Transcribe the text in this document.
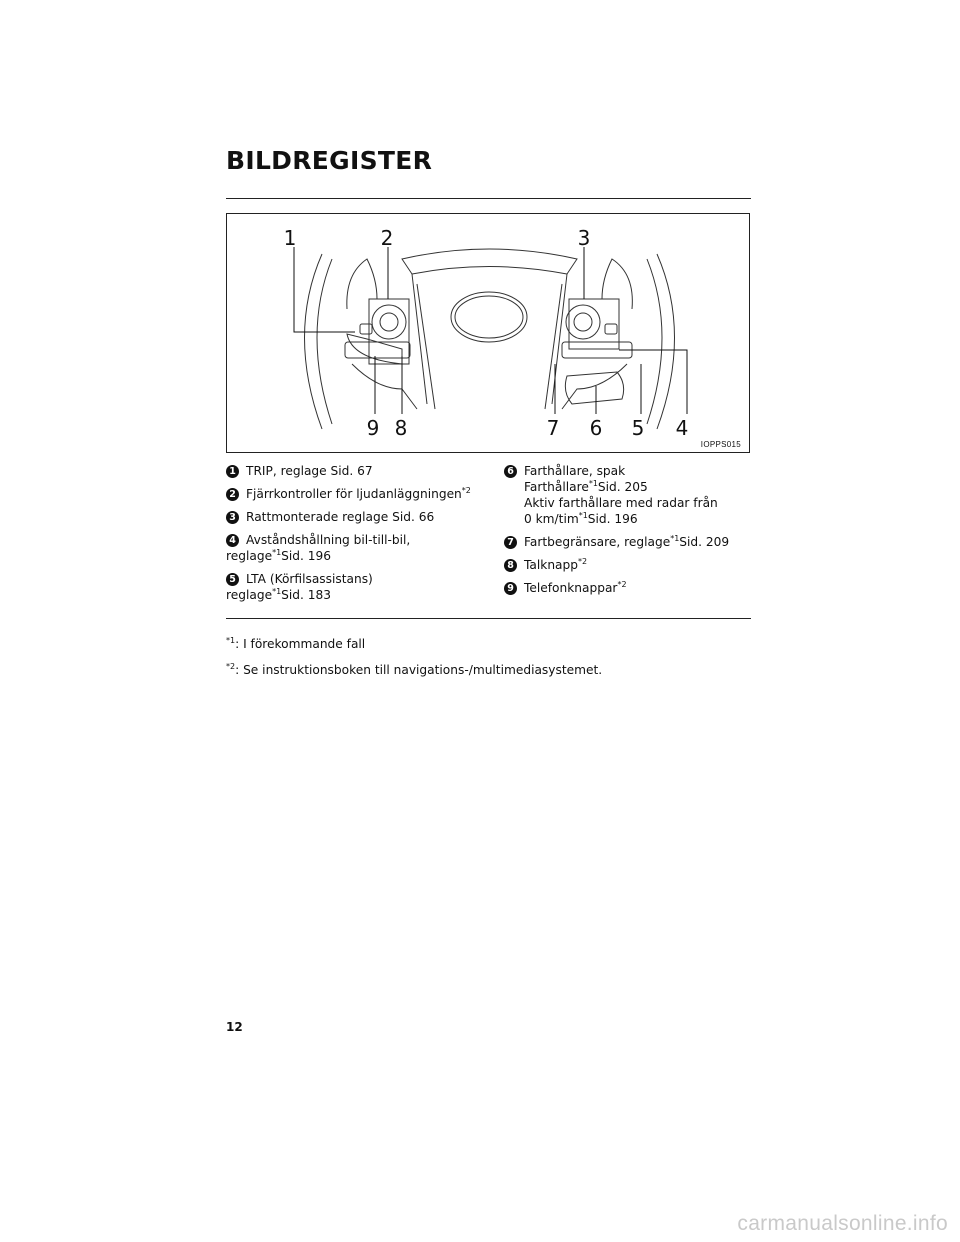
BILDREGISTER
1	2	3
4
5
6
7
8
9
IOPPS015
1 TRIP, reglage Sid. 67
2 Fjärrkontroller för ljudanläggningen$^{*2}$
3 Rattmonterade reglage Sid. 66
4 Avståndshållning bil-till-bil,
reglage$^{*1}$Sid. 196
5 LTA (Körfilsassistans)
reglage$^{*1}$Sid. 183
6 Farthållare, spak
Farthållare$^{*1}$Sid. 205
Aktiv farthållare med radar från
0 km/tim$^{*1}$Sid. 196
7 Fartbegränsare, reglage$^{*1}$Sid. 209
8 Talknapp$^{*2}$
9 Telefonknappar$^{*2}$
$^{*1}$: I förekommande fall
$^{*2}$: Se instruktionsboken till navigations-/multimediasystemet.
12
carmanualsonline.info
